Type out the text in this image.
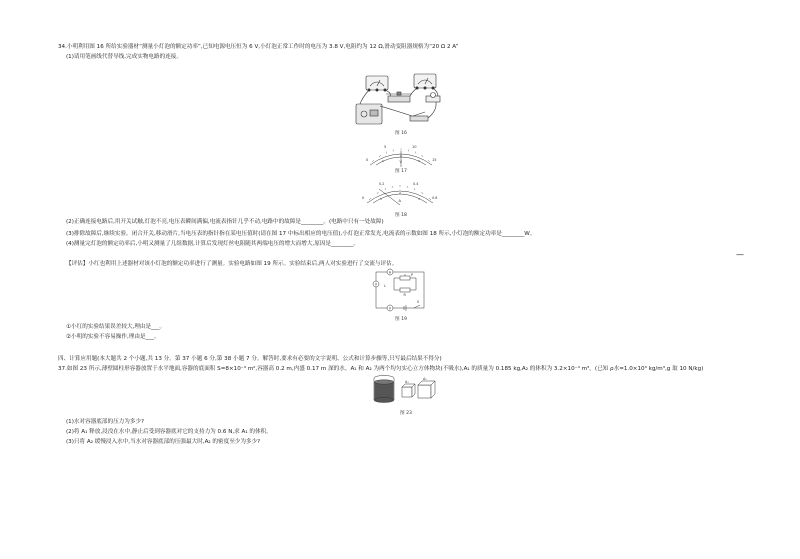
34.小明利用图 16 所给实验器材“测量小灯泡的额定功率”,已知电源电压恒为 6 V,小灯泡正常工作时的电压为 3.8 V,电阻约为 12 Ω,滑动变阻器规格为“20 Ω 2 A”
(1)请用笔画线代替导线,完成实物电路的连接。
图 16
0
5	10
15
1
2
3
V
图 17
0
0.2	0.4
0.6
1
2
3
A
图 18
(2)正确连接电路后,用开关试触,灯泡不亮,电压表瞬间满偏,电流表指针几乎不动,电路中的故障是________。(电路中只有一处故障)
(3)排除故障后,继续实验。闭合开关,移动滑片,当电压表的指针指在某电压值时(请在图 17 中标出相应的电压值),小灯泡正常发光,电流表的示数如图 18 所示,小灯泡的额定功率是________W。
(4)测量完灯泡的额定功率后,小明又测量了几组数据,计算后发现灯丝电阻随其两端电压的增大而增大,原因是________。
—
【评估】小红也利用上述器材对该小灯泡的额定功率进行了测量。实验电路如图 19 所示。实验结束后,两人对实验进行了交流与评估。
A
P
V
R
L
V
S
图 19
①小红的实验结果误差较大,理由是___。
②小明的实验不容易操作,理由是___。
四、计算应用题(本大题共 2 个小题,共 13 分。第 37 小题 6 分,第 38 小题 7 分。解答时,要求有必要的文字说明、公式和计算步骤等,只写最后结果不得分)
37.如图 23 所示,薄壁圆柱形容器放置于水平地面,容器的底面积 S=8×10⁻³ m²,容器高 0.2 m,内盛 0.17 m 深的水。A₁ 和 A₂ 为两个均匀实心立方体物块(不吸水),A₁ 的质量为 0.185 kg,A₂ 的体积为 3.2×10⁻⁴ m³。(已知 ρ水=1.0×10³ kg/m³,g 取 10 N/kg)
A₁
A₂
图 23
(1)水对容器底部的压力为多少?
(2)将 A₁ 释放,浸没在水中,静止后受到容器底对它的支持力为 0.6 N,求 A₁ 的体积。
(3)只将 A₂ 缓慢浸入水中,当水对容器底部的压强最大时,A₂ 的密度至少为多少?
